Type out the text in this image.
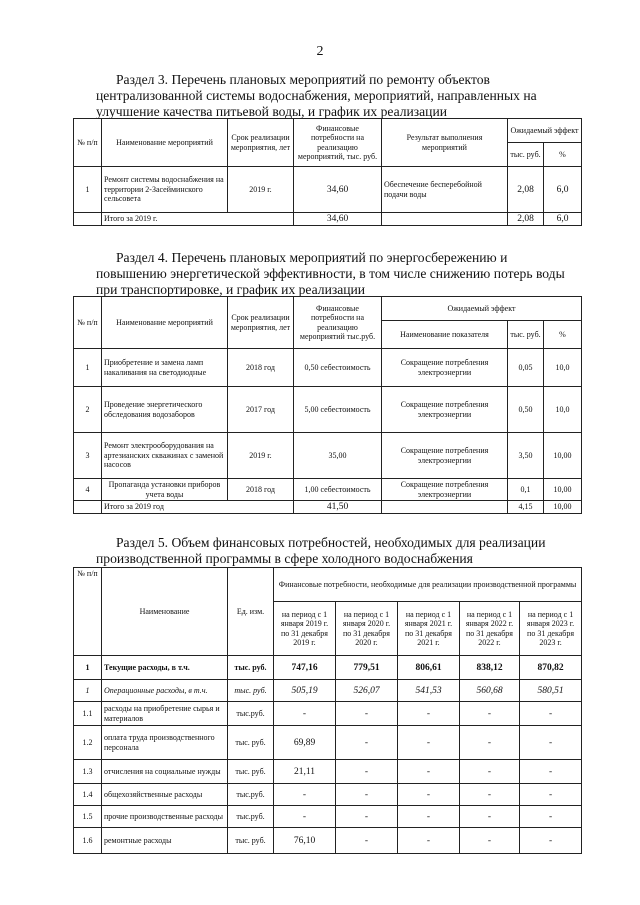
2
Раздел 3. Перечень плановых мероприятий по ремонту объектов
централизованной системы водоснабжения, мероприятий, направленных на
улучшение качества питьевой воды, и график их реализации
№ п/п	Наименование мероприятий	Срок реализации мероприятия, лет	Финансовые потребности на реализацию мероприятий, тыс. руб.	Результат выполнения мероприятий	Ожидаемый эффект	
					тыс. руб.	%
1	Ремонт системы водоснабжения на территории 2-Засейминского сельсовета	2019 г.	34,60	Обеспечение бесперебойной подачи воды	2,08	6,0
	Итого за 2019 г.		34,60		2,08	6,0
Раздел 4. Перечень плановых мероприятий по энергосбережению и
повышению энергетической эффективности, в том числе снижению потерь воды
при транспортировке, и график их реализации
№ п/п	Наименование мероприятий	Срок реализации мероприятия, лет	Финансовые потребности на реализацию мероприятий тыс.руб.	Ожидаемый эффект		
				Наименование показателя	тыс. руб.	%
1	Приобретение и замена ламп накаливания на светодиодные	2018 год	0,50 себестоимость	Сокращение потребления электроэнергии	0,05	10,0
2	Проведение энергетического обследования водозаборов	2017 год	5,00 себестоимость	Сокращение потребления электроэнергии	0,50	10,0
3	Ремонт электрооборудования на артезианских скважинах с заменой насосов	2019 г.	35,00	Сокращение потребления электроэнергии	3,50	10,00
4	Пропаганда установки приборов учета воды	2018 год	1,00 себестоимость	Сокращение потребления электроэнергии	0,1	10,00
	Итого за 2019 год		41,50		4,15	10,00
Раздел 5. Объем финансовых потребностей, необходимых для реализации
производственной программы в сфере холодного водоснабжения
№ п/п	Наименование	Ед. изм.	Финансовые потребности, необходимые для реализации производственной программы				
			на период с 1 января 2019 г. по 31 декабря 2019 г.	на период с 1 января 2020 г. по 31 декабря 2020 г.	на период с 1 января 2021 г. по 31 декабря 2021 г.	на период с 1 января 2022 г. по 31 декабря 2022 г.	на период с 1 января 2023 г. по 31 декабря 2023 г.
1	Текущие расходы, в т.ч.	тыс. руб.	747,16	779,51	806,61	838,12	870,82
1	Операционные расходы, в т.ч.	тыс. руб.	505,19	526,07	541,53	560,68	580,51
1.1	расходы на приобретение сырья и материалов	тыс.руб.	-	-	-	-	-
1.2	оплата труда производственного персонала	тыс. руб.	69,89	-	-	-	-
1.3	отчисления на социальные нужды	тыс. руб.	21,11	-	-	-	-
1.4	общехозяйственные расходы	тыс.руб.	-	-	-	-	-
1.5	прочие производственные расходы	тыс.руб.	-	-	-	-	-
1.6	ремонтные расходы	тыс. руб.	76,10	-	-	-	-
